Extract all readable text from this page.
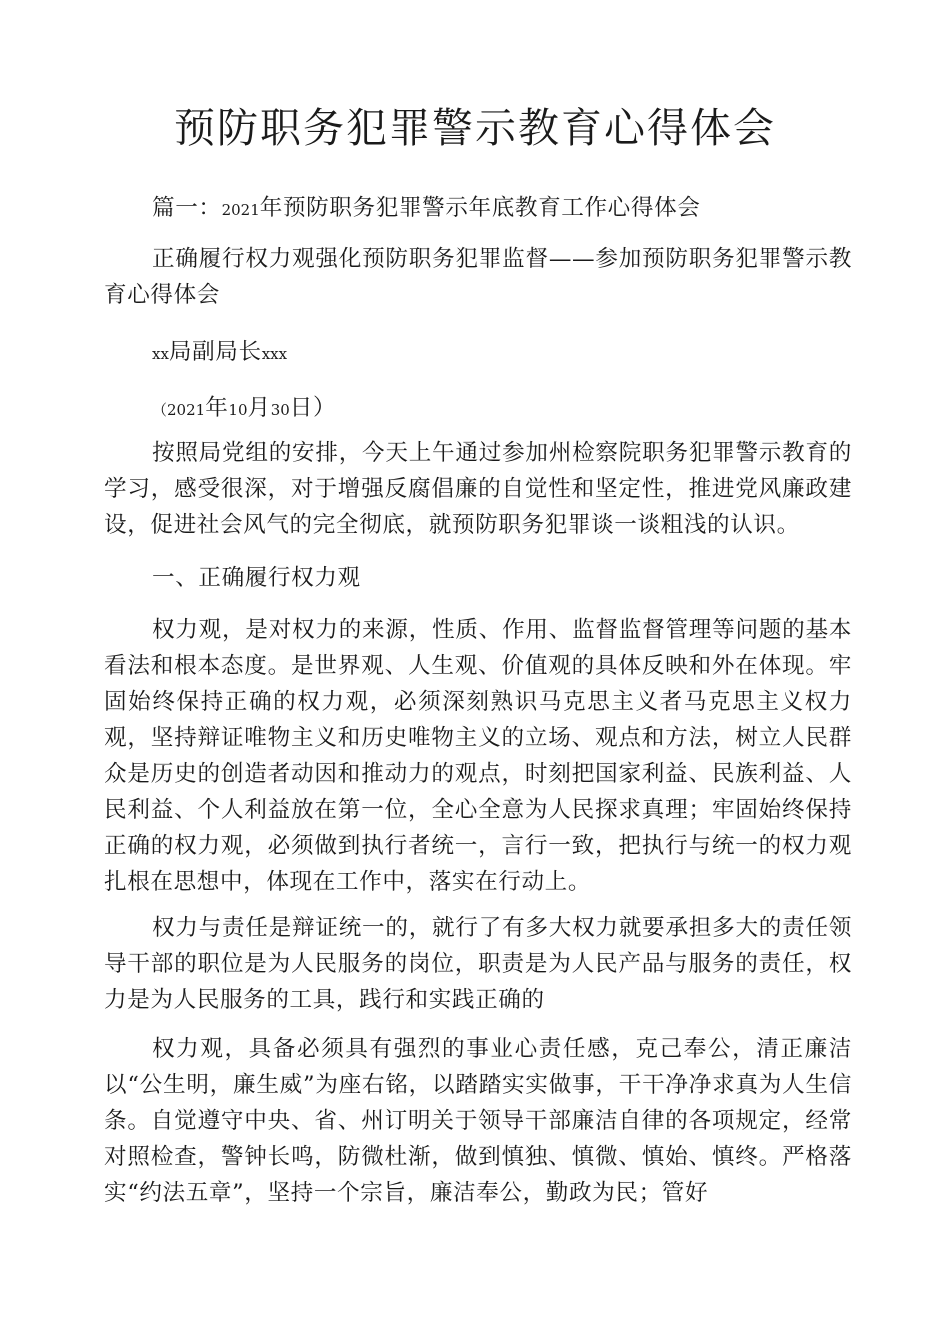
预防职务犯罪警示教育心得体会

篇一：2021年预防职务犯罪警示年底教育工作心得体会

正确履行权力观强化预防职务犯罪监督——参加预防职务犯罪警示教育心得体会

xx局副局长xxx

（2021年10月30日）

按照局党组的安排，今天上午通过参加州检察院职务犯罪警示教育的学习，感受很深，对于增强反腐倡廉的自觉性和坚定性，推进党风廉政建设，促进社会风气的完全彻底，就预防职务犯罪谈一谈粗浅的认识。

一、正确履行权力观

权力观，是对权力的来源，性质、作用、监督监督管理等问题的基本看法和根本态度。是世界观、人生观、价值观的具体反映和外在体现。牢固始终保持正确的权力观，必须深刻熟识马克思主义者马克思主义权力观，坚持辩证唯物主义和历史唯物主义的立场、观点和方法，树立人民群众是历史的创造者动因和推动力的观点，时刻把国家利益、民族利益、人民利益、个人利益放在第一位，全心全意为人民探求真理；牢固始终保持正确的权力观，必须做到执行者统一，言行一致，把执行与统一的权力观扎根在思想中，体现在工作中，落实在行动上。

权力与责任是辩证统一的，就行了有多大权力就要承担多大的责任领导干部的职位是为人民服务的岗位，职责是为人民产品与服务的责任，权力是为人民服务的工具，践行和实践正确的

权力观，具备必须具有强烈的事业心责任感，克己奉公，清正廉洁以“公生明，廉生威”为座右铭，以踏踏实实做事，干干净净求真为人生信条。自觉遵守中央、省、州订明关于领导干部廉洁自律的各项规定，经常对照检查，警钟长鸣，防微杜渐，做到慎独、慎微、慎始、慎终。严格落实“约法五章”，坚持一个宗旨，廉洁奉公，勤政为民；管好
